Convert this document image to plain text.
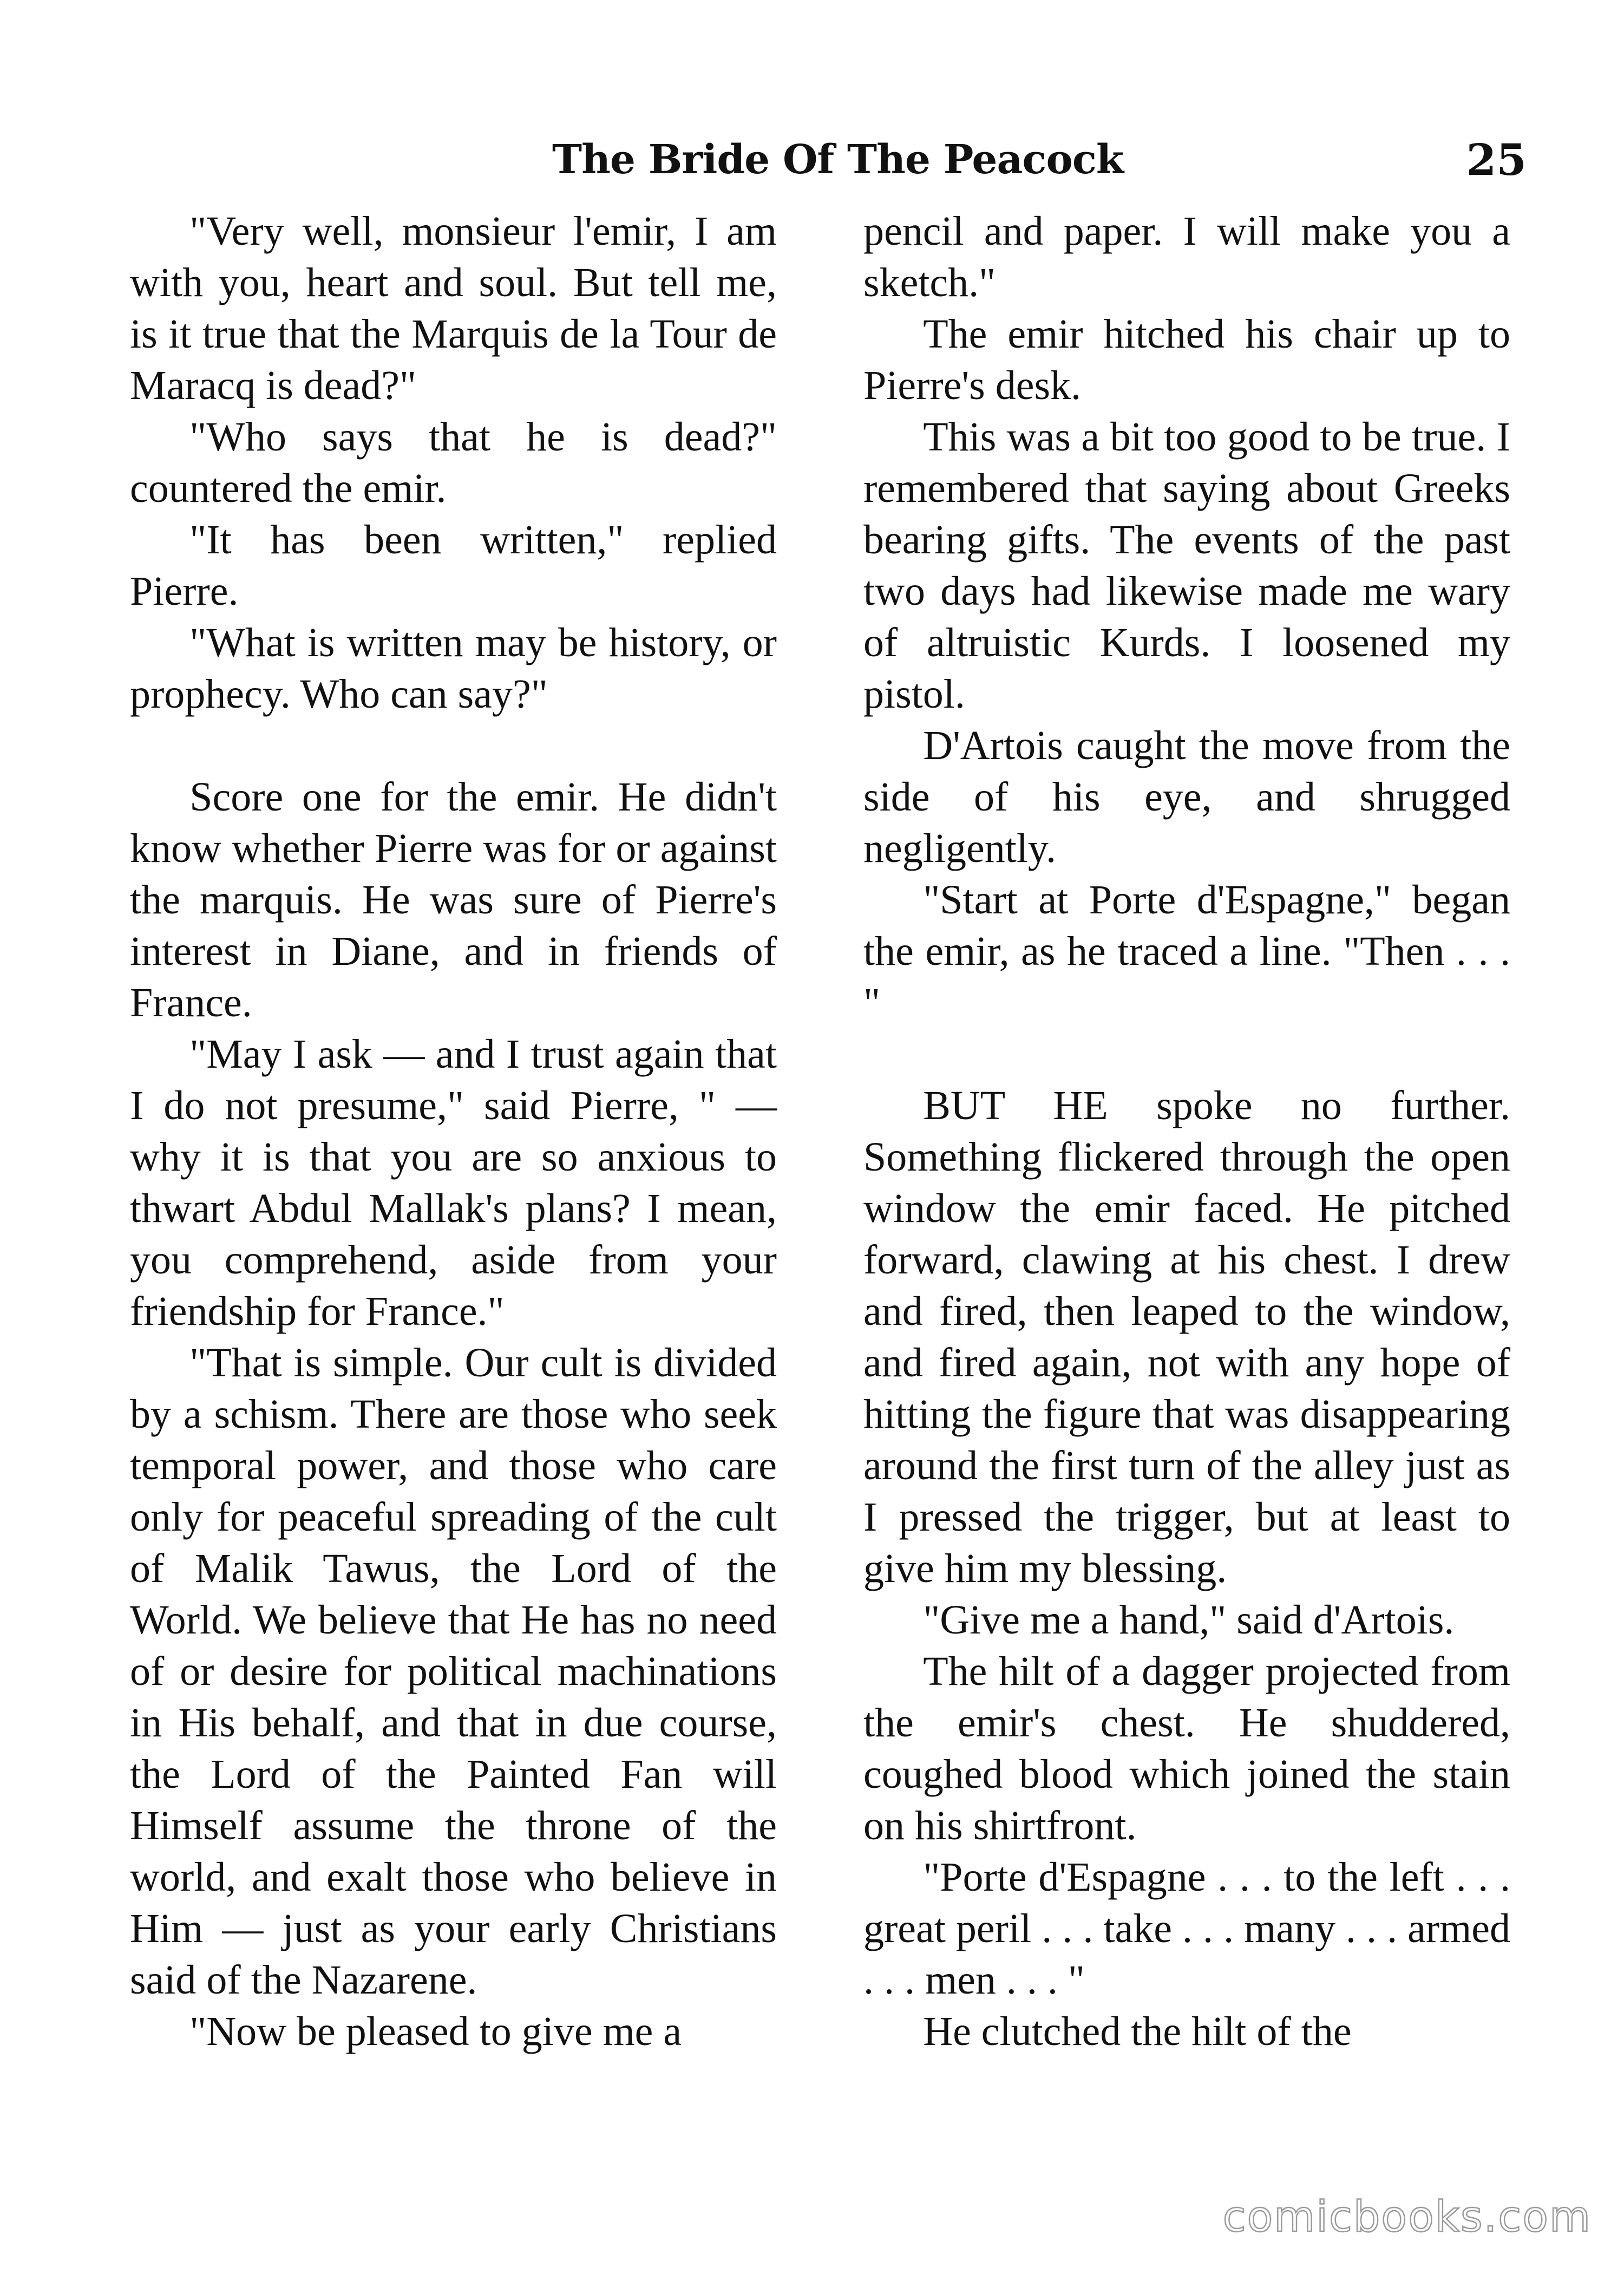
The Bride Of The Peacock	25

"Very well, monsieur l'emir, I am with you, heart and soul. But tell me, is it true that the Marquis de la Tour de Maracq is dead?"

"Who says that he is dead?" countered the emir.

"It has been written," replied Pierre.

"What is written may be history, or prophecy. Who can say?"

Score one for the emir. He didn't know whether Pierre was for or against the marquis. He was sure of Pierre's interest in Diane, and in friends of France.

"May I ask — and I trust again that I do not presume," said Pierre, " — why it is that you are so anxious to thwart Abdul Mallak's plans? I mean, you comprehend, aside from your friendship for France."

"That is simple. Our cult is divided by a schism. There are those who seek temporal power, and those who care only for peaceful spreading of the cult of Malik Tawus, the Lord of the World. We believe that He has no need of or desire for political machinations in His behalf, and that in due course, the Lord of the Painted Fan will Himself assume the throne of the world, and exalt those who believe in Him — just as your early Christians said of the Nazarene.

"Now be pleased to give me a

pencil and paper. I will make you a sketch."

The emir hitched his chair up to Pierre's desk.

This was a bit too good to be true. I remembered that saying about Greeks bearing gifts. The events of the past two days had likewise made me wary of altruistic Kurds. I loosened my pistol.

D'Artois caught the move from the side of his eye, and shrugged negligently.

"Start at Porte d'Espagne," began the emir, as he traced a line. "Then . . . "

BUT HE spoke no further. Something flickered through the open window the emir faced. He pitched forward, clawing at his chest. I drew and fired, then leaped to the window, and fired again, not with any hope of hitting the figure that was disappearing around the first turn of the alley just as I pressed the trigger, but at least to give him my blessing.

"Give me a hand," said d'Artois.

The hilt of a dagger projected from the emir's chest. He shuddered, coughed blood which joined the stain on his shirtfront.

"Porte d'Espagne . . . to the left . . . great peril . . . take . . . many . . . armed . . . men . . . "

He clutched the hilt of the

comicbooks.com
